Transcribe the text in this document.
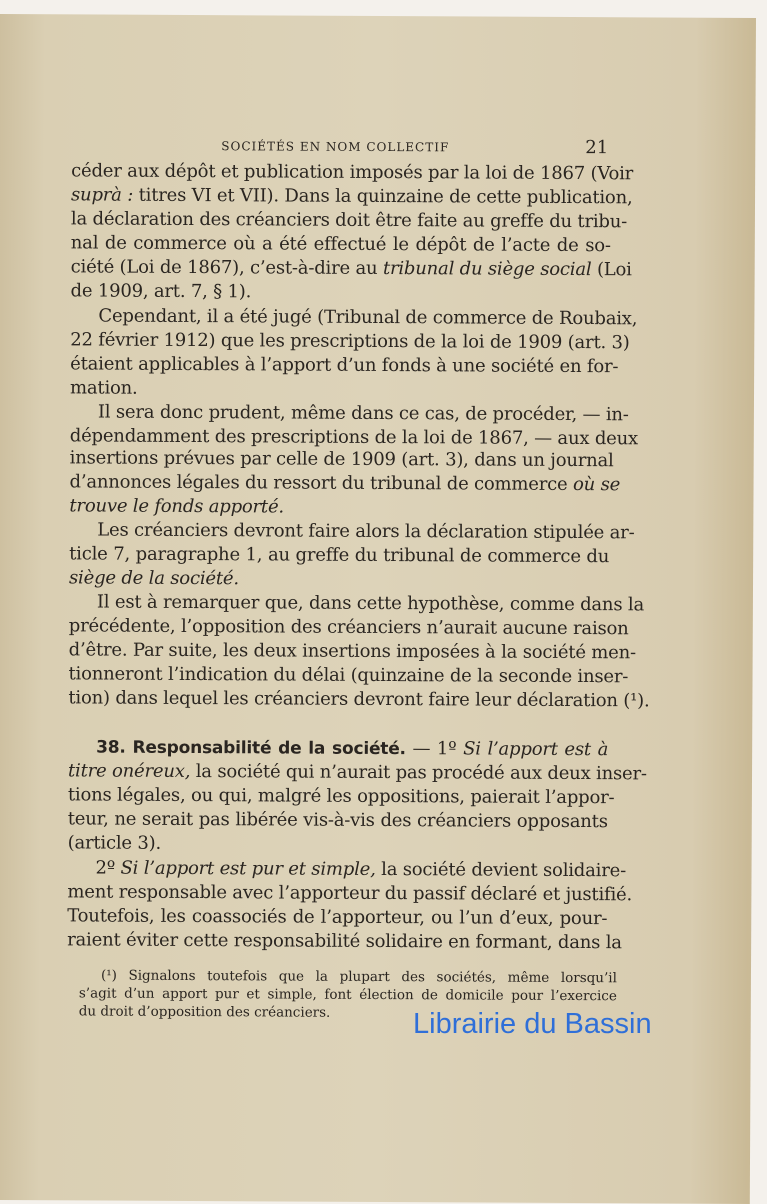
SOCIÉTÉS EN NOM COLLECTIF	21
céder aux dépôt et publication imposés par la loi de 1867 (Voir
suprà : titres VI et VII). Dans la quinzaine de cette publication,
la déclaration des créanciers doit être faite au greffe du tribu-
nal de commerce où a été effectué le dépôt de l’acte de so-
ciété (Loi de 1867), c’est-à-dire au tribunal du siège social (Loi
de 1909, art. 7, § 1).
Cependant, il a été jugé (Tribunal de commerce de Roubaix,
22 février 1912) que les prescriptions de la loi de 1909 (art. 3)
étaient applicables à l’apport d’un fonds à une société en for-
mation.
Il sera donc prudent, même dans ce cas, de procéder, — in-
dépendamment des prescriptions de la loi de 1867, — aux deux
insertions prévues par celle de 1909 (art. 3), dans un journal
d’annonces légales du ressort du tribunal de commerce où se
trouve le fonds apporté.
Les créanciers devront faire alors la déclaration stipulée ar-
ticle 7, paragraphe 1, au greffe du tribunal de commerce du
siège de la société.
Il est à remarquer que, dans cette hypothèse, comme dans la
précédente, l’opposition des créanciers n’aurait aucune raison
d’être. Par suite, les deux insertions imposées à la société men-
tionneront l’indication du délai (quinzaine de la seconde inser-
tion) dans lequel les créanciers devront faire leur déclaration (¹).
38. Responsabilité de la société. — 1º Si l’apport est à
titre onéreux, la société qui n’aurait pas procédé aux deux inser-
tions légales, ou qui, malgré les oppositions, paierait l’appor-
teur, ne serait pas libérée vis-à-vis des créanciers opposants
(article 3).
2º Si l’apport est pur et simple, la société devient solidaire-
ment responsable avec l’apporteur du passif déclaré et justifié.
Toutefois, les coassociés de l’apporteur, ou l’un d’eux, pour-
raient éviter cette responsabilité solidaire en formant, dans la
(¹) Signalons toutefois que la plupart des sociétés, même lorsqu’il
s’agit d’un apport pur et simple, font élection de domicile pour l’exercice
du droit d’opposition des créanciers.	Librairie du Bassin
